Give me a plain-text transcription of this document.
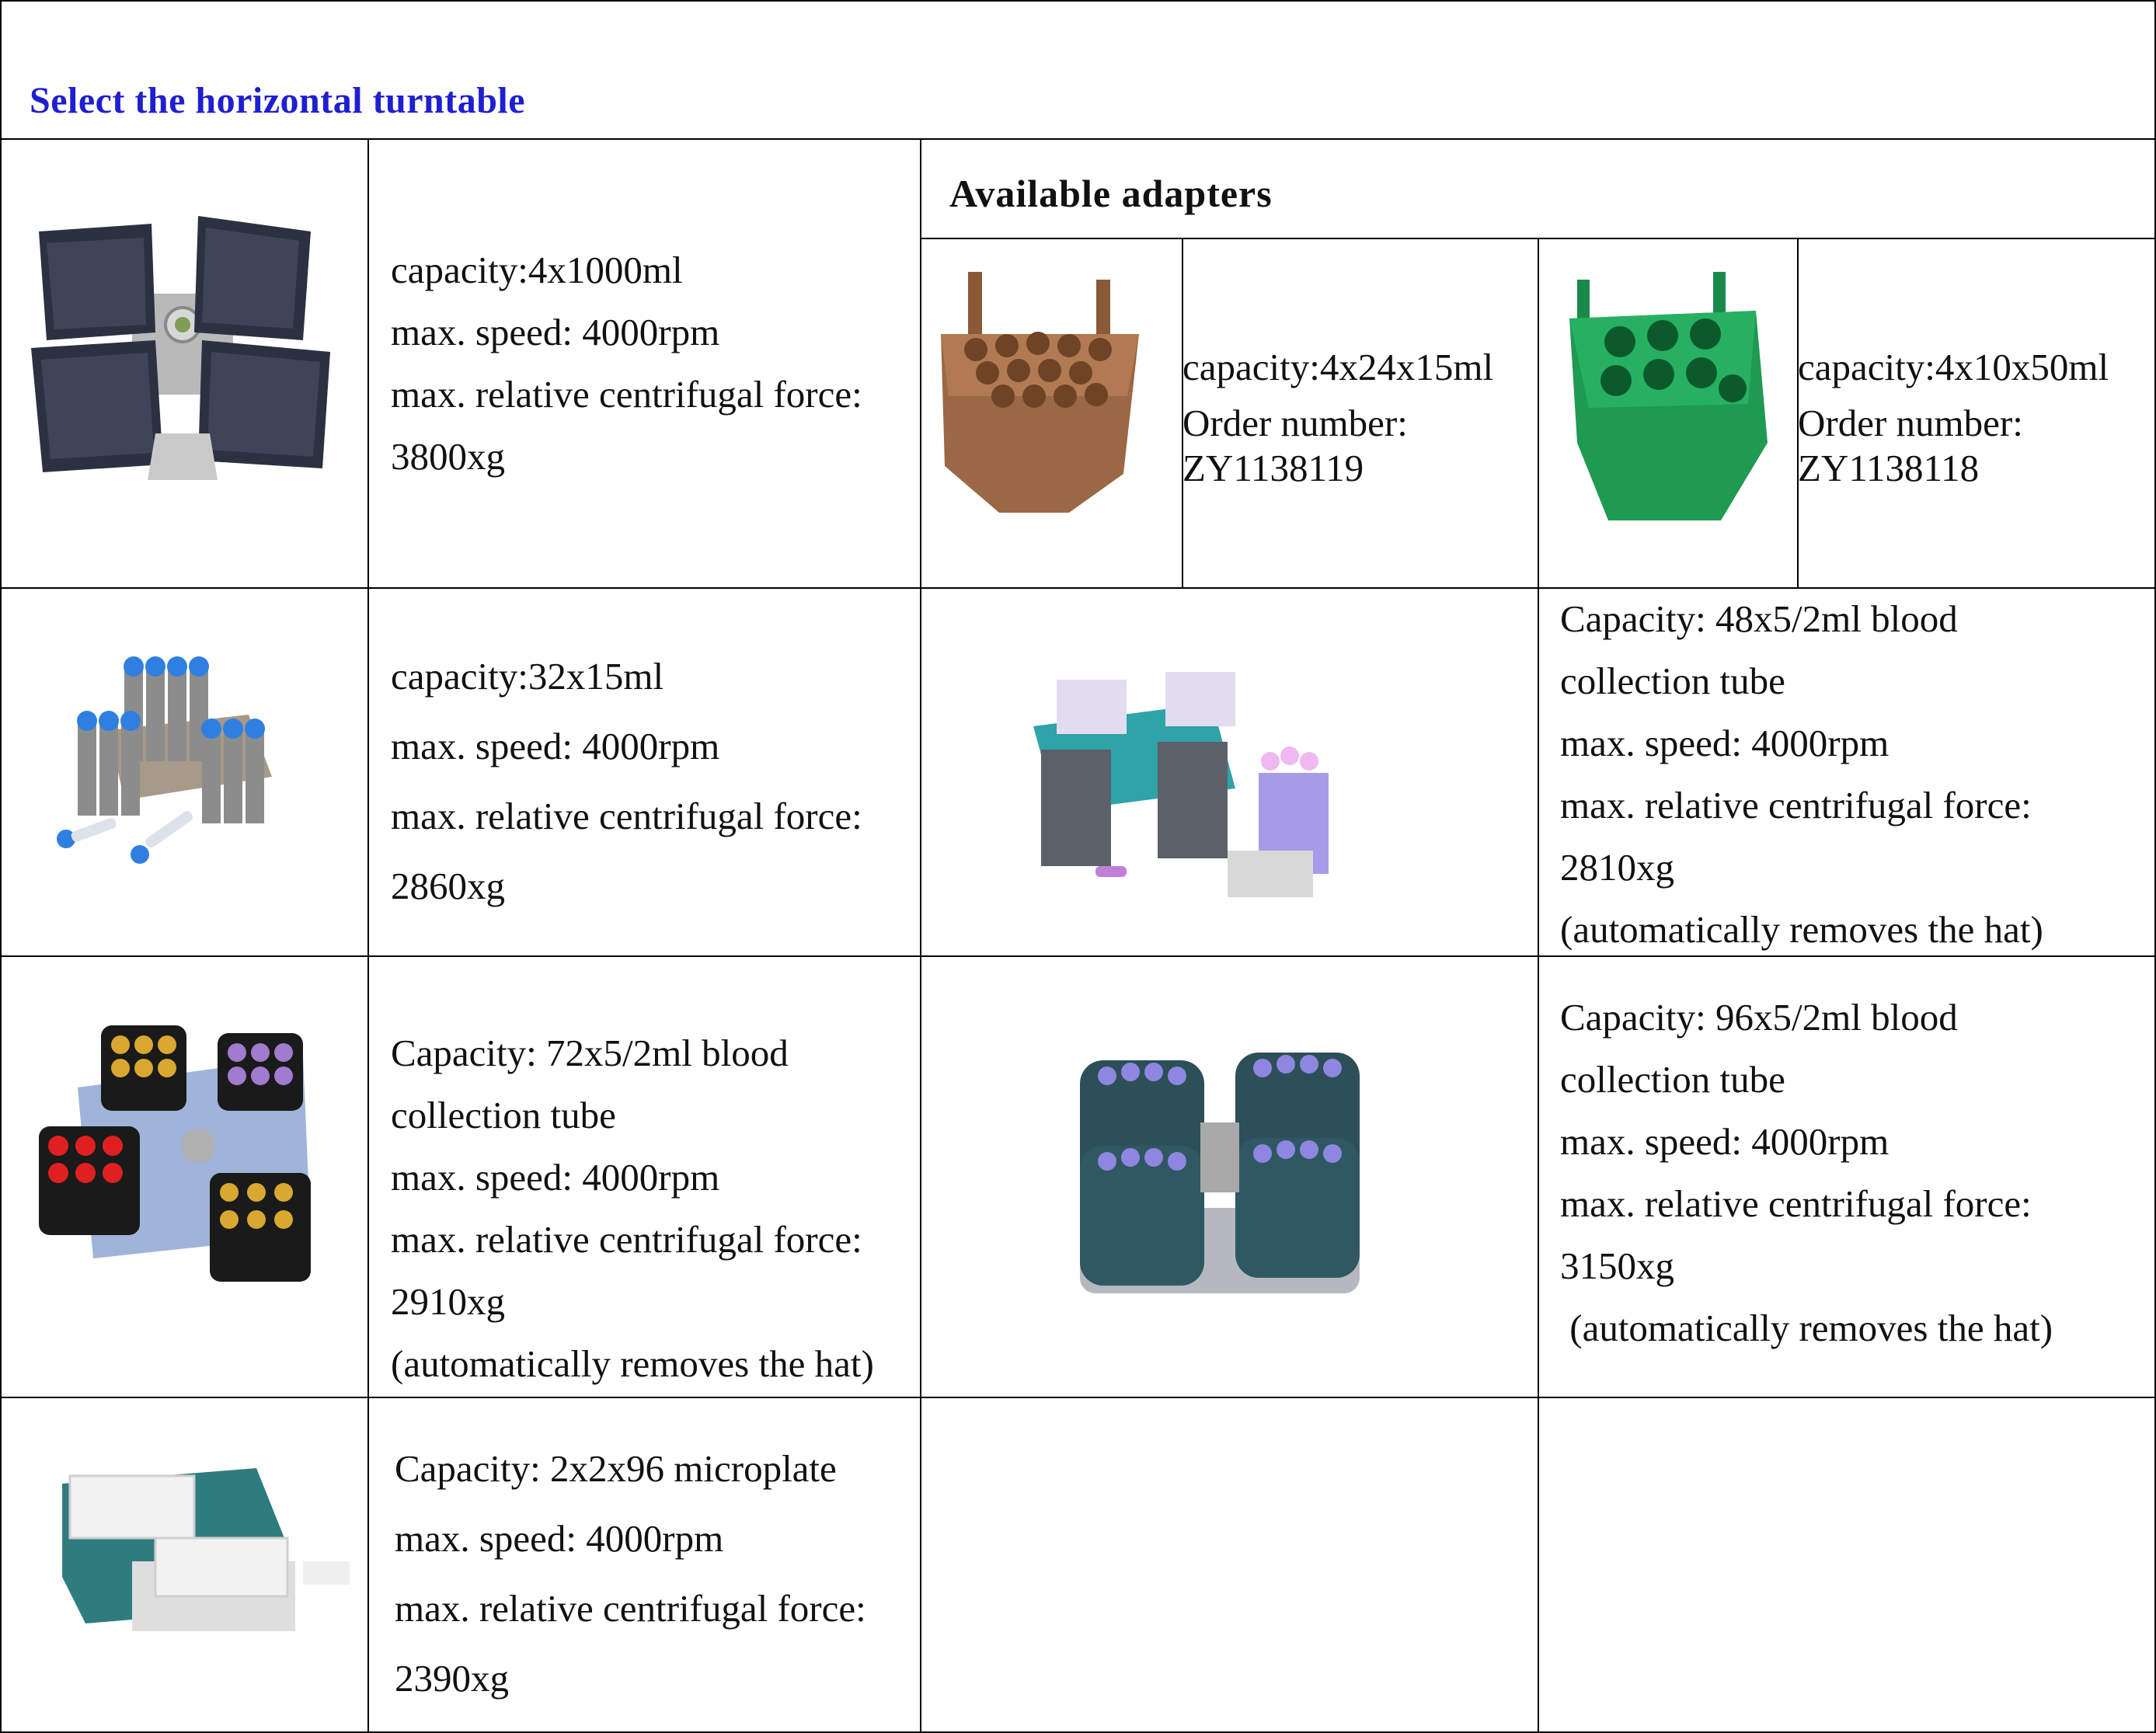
Select the horizontal turntable
Available adapters
capacity:4x1000ml
max. speed: 4000rpm
max. relative centrifugal force:
3800xg
capacity:4x24x15ml
Order number:
ZY1138119
capacity:4x10x50ml
Order number:
ZY1138118
capacity:32x15ml
max. speed: 4000rpm
max. relative centrifugal force:
2860xg
Capacity: 48x5/2ml blood
collection tube
max. speed: 4000rpm
max. relative centrifugal force:
2810xg
(automatically removes the hat)
Capacity: 72x5/2ml blood
collection tube
max. speed: 4000rpm
max. relative centrifugal force:
2910xg
(automatically removes the hat)
Capacity: 96x5/2ml blood
collection tube
max. speed: 4000rpm
max. relative centrifugal force:
3150xg
(automatically removes the hat)
Capacity: 2x2x96 microplate
max. speed: 4000rpm
max. relative centrifugal force:
2390xg
